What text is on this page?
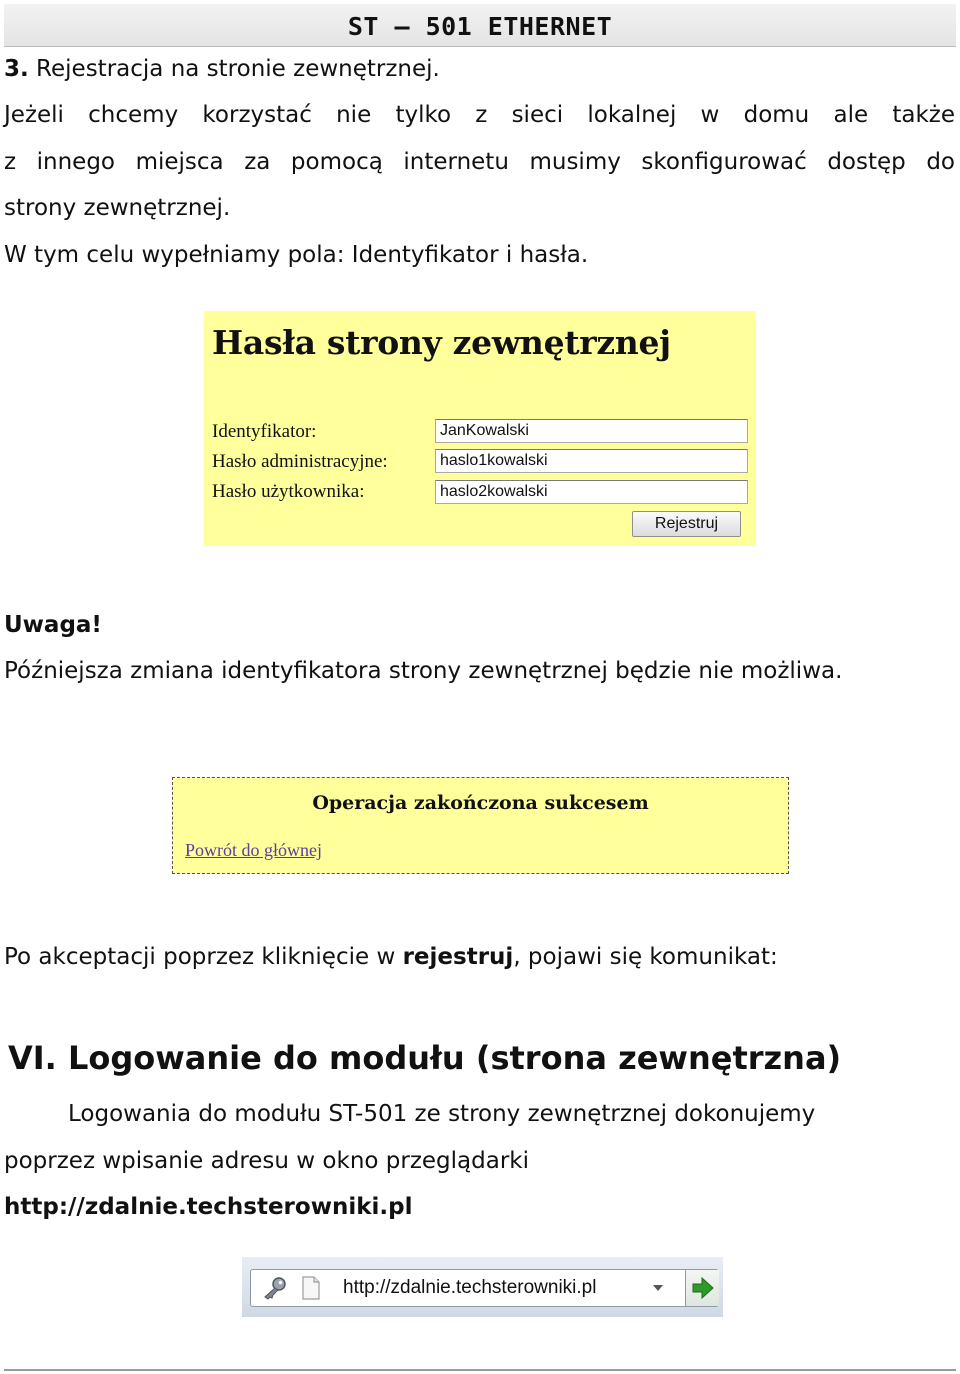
ST – 501 ETHERNET
3. Rejestracja na stronie zewnętrznej.
Jeżeli chcemy korzystać nie tylko z sieci lokalnej w domu ale także
z innego miejsca za pomocą internetu musimy skonfigurować dostęp do
strony zewnętrznej.
W tym celu wypełniamy pola: Identyfikator i hasła.
Hasła strony zewnętrznej
Identyfikator:	JanKowalski
Hasło administracyjne:	haslo1kowalski
Hasło użytkownika:	haslo2kowalski
Rejestruj
Uwaga!
Późniejsza zmiana identyfikatora strony zewnętrznej będzie nie możliwa.
Operacja zakończona sukcesem
Powrót do głównej
Po akceptacji poprzez kliknięcie w rejestruj, pojawi się komunikat:
VI. Logowanie do modułu (strona zewnętrzna)
Logowania do modułu ST-501 ze strony zewnętrznej dokonujemy
poprzez wpisanie adresu w okno przeglądarki
http://zdalnie.techsterowniki.pl
http://zdalnie.techsterowniki.pl
